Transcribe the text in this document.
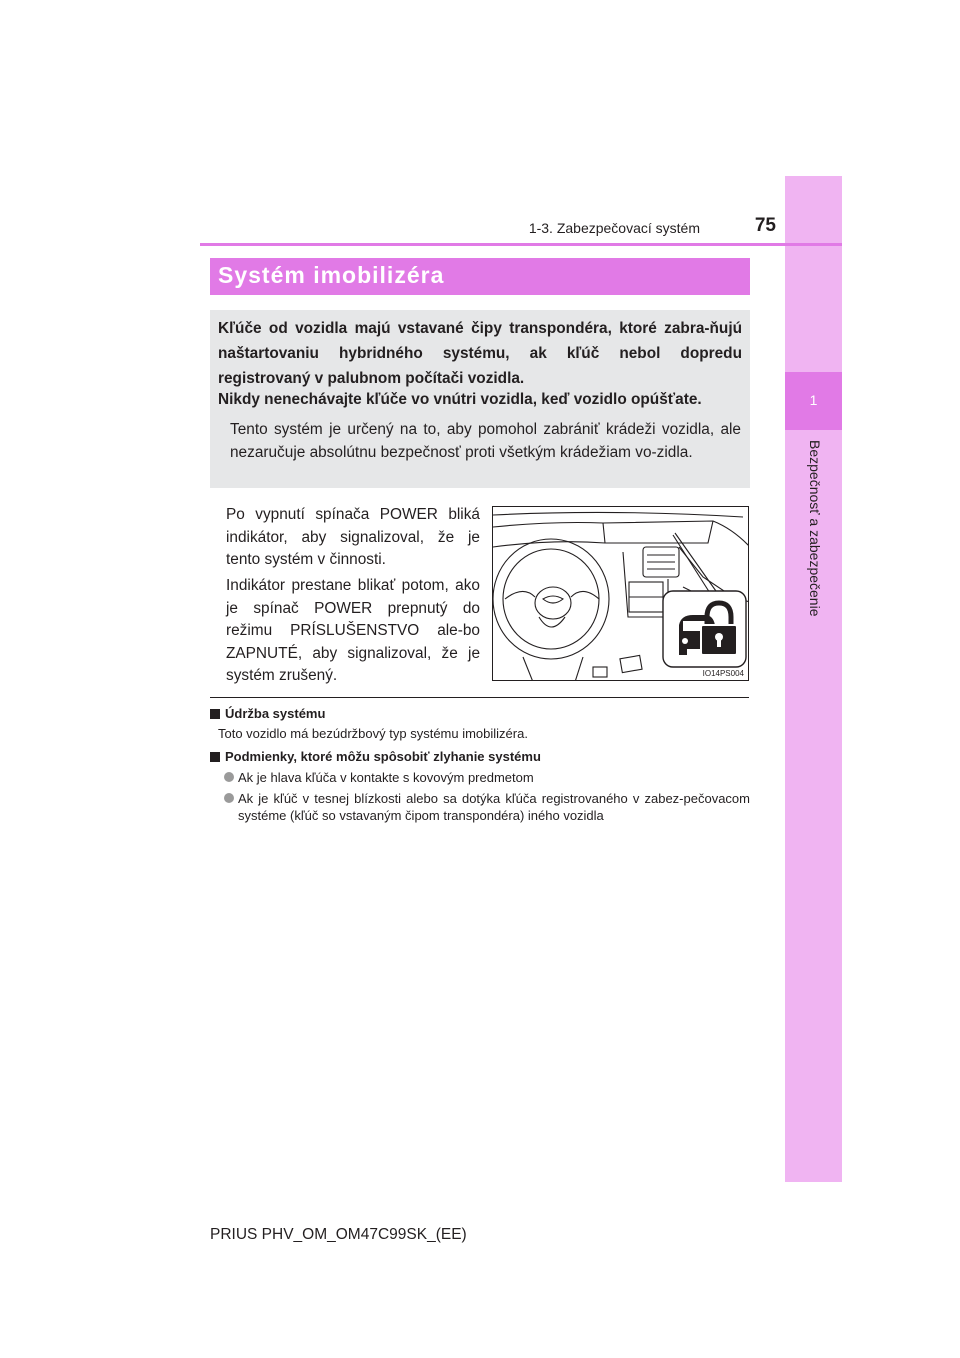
1
Bezpečnosť a zabezpečenie
1-3. Zabezpečovací systém	75
Systém imobilizéra
Kľúče od vozidla majú vstavané čipy transpondéra, ktoré zabra-ňujú naštartovaniu hybridného systému, ak kľúč nebol dopredu registrovaný v palubnom počítači vozidla.
Nikdy nenechávajte kľúče vo vnútri vozidla, keď vozidlo opúšťate.
Tento systém je určený na to, aby pomohol zabrániť krádeži vozidla, ale nezaručuje absolútnu bezpečnosť proti všetkým krádežiam vo-zidla.
Po vypnutí spínača POWER bliká indikátor, aby signalizoval, že je tento systém v činnosti.
Indikátor prestane blikať potom, ako je spínač POWER prepnutý do režimu PRÍSLUŠENSTVO ale-bo ZAPNUTÉ, aby signalizoval, že je systém zrušený.	IO14PS004
Údržba systému
Toto vozidlo má bezúdržbový typ systému imobilizéra.
Podmienky, ktoré môžu spôsobiť zlyhanie systému
Ak je hlava kľúča v kontakte s kovovým predmetom
Ak je kľúč v tesnej blízkosti alebo sa dotýka kľúča registrovaného v zabez-pečovacom systéme (kľúč so vstavaným čipom transpondéra) iného vozidla
PRIUS PHV_OM_OM47C99SK_(EE)
